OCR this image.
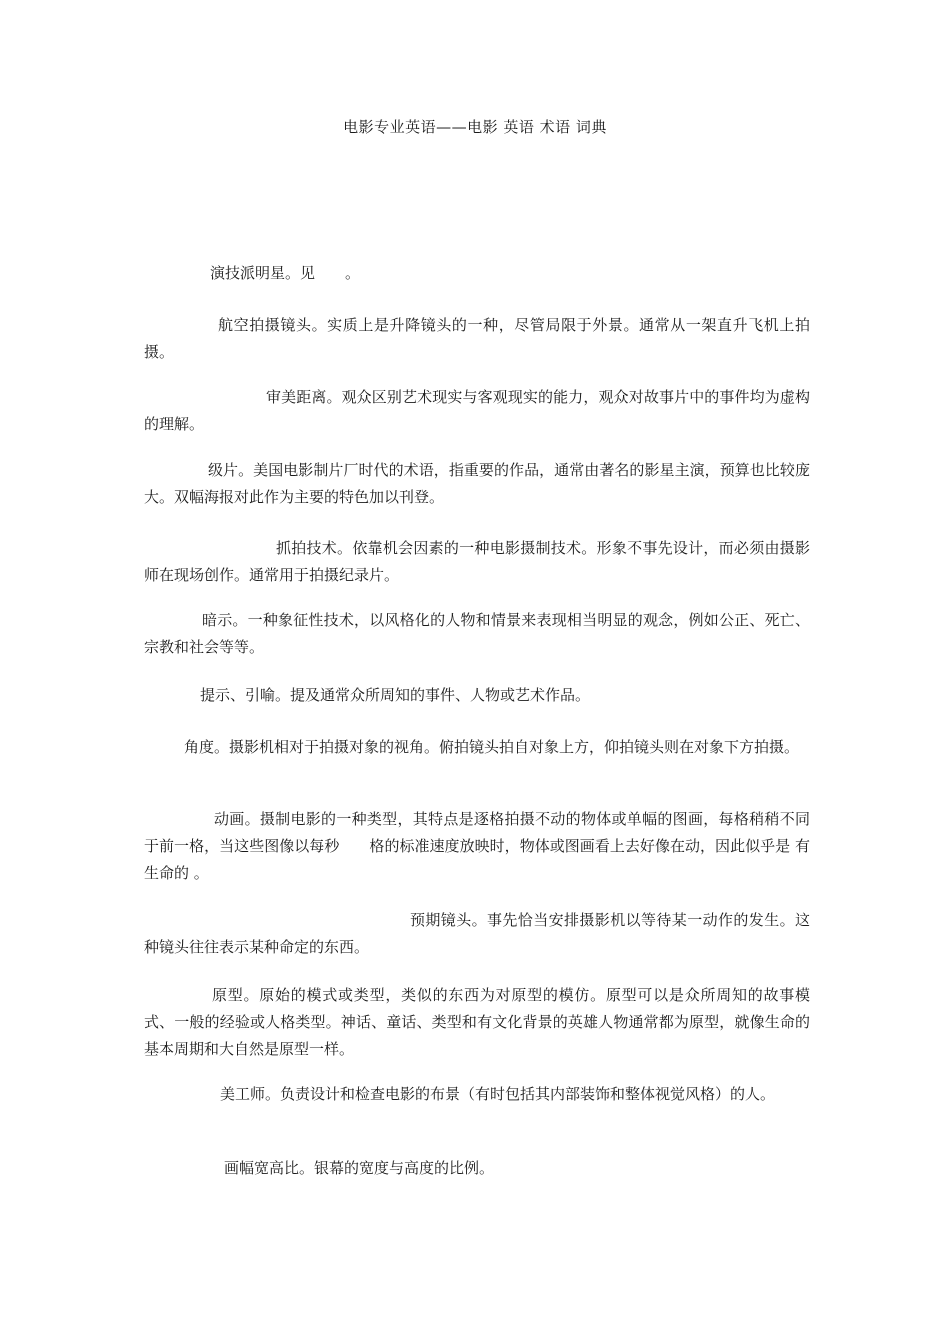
电影专业英语——电影 英语 术语 词典

演技派明星。见　　。

航空拍摄镜头。实质上是升降镜头的一种，尽管局限于外景。通常从一架直升飞机上拍摄。

审美距离。观众区别艺术现实与客观现实的能力，观众对故事片中的事件均为虚构的理解。

级片。美国电影制片厂时代的术语，指重要的作品，通常由著名的影星主演，预算也比较庞大。双幅海报对此作为主要的特色加以刊登。

抓拍技术。依靠机会因素的一种电影摄制技术。形象不事先设计，而必须由摄影师在现场创作。通常用于拍摄纪录片。

暗示。一种象征性技术，以风格化的人物和情景来表现相当明显的观念，例如公正、死亡、宗教和社会等等。

提示、引喻。提及通常众所周知的事件、人物或艺术作品。

角度。摄影机相对于拍摄对象的视角。俯拍镜头拍自对象上方，仰拍镜头则在对象下方拍摄。

动画。摄制电影的一种类型，其特点是逐格拍摄不动的物体或单幅的图画，每格稍稍不同于前一格，当这些图像以每秒　　格的标准速度放映时，物体或图画看上去好像在动，因此似乎是 有生命的 。

预期镜头。事先恰当安排摄影机以等待某一动作的发生。这种镜头往往表示某种命定的东西。

原型。原始的模式或类型，类似的东西为对原型的模仿。原型可以是众所周知的故事模式、一般的经验或人格类型。神话、童话、类型和有文化背景的英雄人物通常都为原型，就像生命的基本周期和大自然是原型一样。

美工师。负责设计和检查电影的布景（有时包括其内部装饰和整体视觉风格）的人。

画幅宽高比。银幕的宽度与高度的比例。
